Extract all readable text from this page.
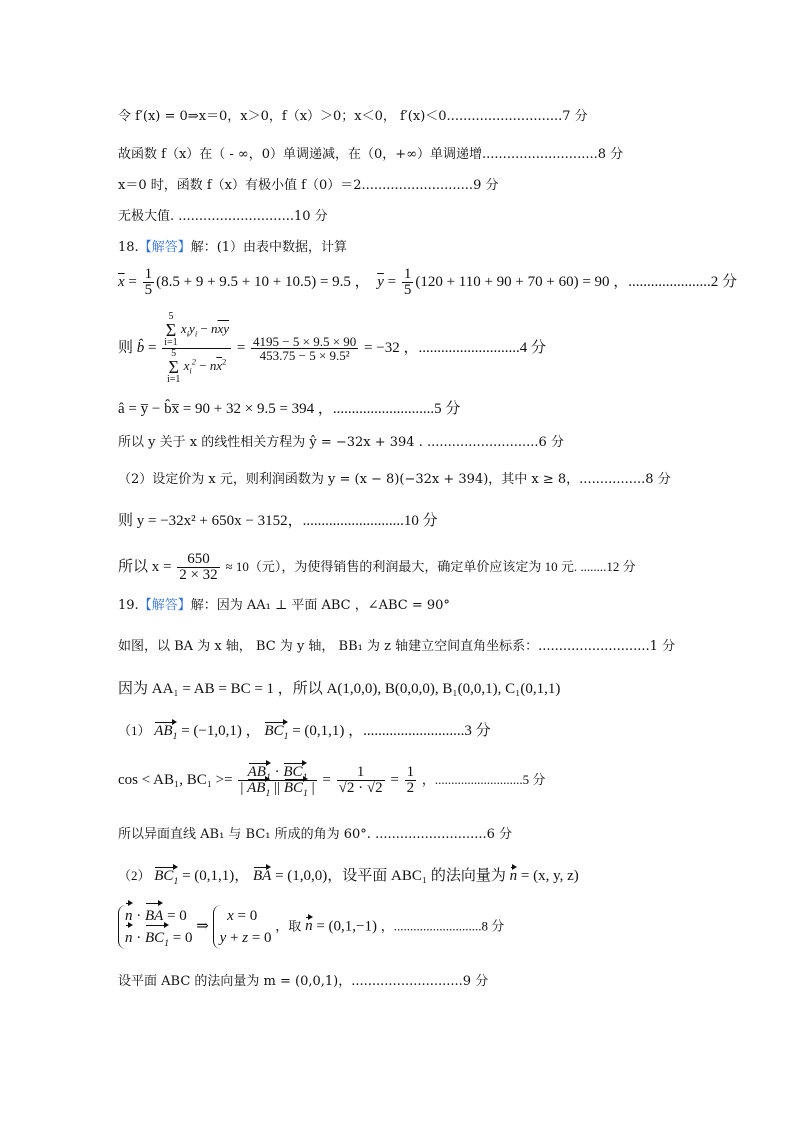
令 f′(x) = 0⇒x＝0，x＞0，f（x）＞0；x＜0， f′(x)＜0............................7 分
故函数 f（x）在（ - ∞，0）单调递减，在（0，+∞）单调递增............................8 分
x＝0 时，函数 f（x）有极小值 f（0）＝2...........................9 分
无极大值. ............................10 分
18.【解答】解：(1）由表中数据，计算
$\overline{x} = \frac{1}{5} (8.5 + 9 + 9.5 + 10 + 10.5) = 9.5$ ， $\overline{y} = \frac{1}{5} (120 + 110 + 90 + 70 + 60) = 90$ ，......................2 分
则 b̂ = 5
Σ
i=1 $x_iy_i - n\overline{xy}$
5
Σ
i=1 $x_i^2 - n\overline{x}^2 = \frac{4195 - 5 \times 9.5 \times 90}{\text{453.75 − 5 × 9.5²}} = -32$ ，...........................4 分
â = y̅ − b̂x̅ = 90 + 32 × 9.5 = 394 ，...........................5 分
所以 y 关于 x 的线性相关方程为 ŷ = −32x + 394 . ...........................6 分
（2）设定价为 x 元，则利润函数为 y = (x − 8)(−32x + 394)，其中 x ≥ 8，................8 分
则 y = −32x² + 650x − 3152，...........................10 分
所以 $x = \frac{650}{2 \times 32} \approx 10$（元），为使得销售的利润最大，确定单价应该定为 10 元. ........12 分
19.【解答】解：因为 AA₁ ⊥ 平面 ABC ，∠ABC = 90°
如图，以 BA 为 x 轴， BC 为 y 轴， BB₁ 为 z 轴建立空间直角坐标系：...........................1 分
因为 AA₁ = AB = BC = 1 ，所以 A(1,0,0), B(0,0,0), B₁(0,0,1), C₁(0,1,1)
（1） $AB_1 = (-1,0,1)$ ， $BC_1 = (0,1,1)$ ，...........................3 分
cos < AB₁, $BC_1 >= \frac{AB_1 \cdot BC_1}{| AB_1 || BC_1 |} = \frac{1}{√2 \cdot √2} = \frac{1}{2}$ ，...........................5 分
所以异面直线 AB₁ 与 BC₁ 所成的角为 60°. ...........................6 分
（2） $BC_1 = (0,1,1)$， BA = (1,0,0)，设平面 ABC₁ 的法向量为 n = (x, y, z)
n · BA = 0
$n \cdot BC_1 = 0$ ⇒   x = 0
y + z = 0 ，取 n = (0,1,−1) ，...........................8 分
设平面 ABC 的法向量为 m = (0,0,1)，...........................9 分
